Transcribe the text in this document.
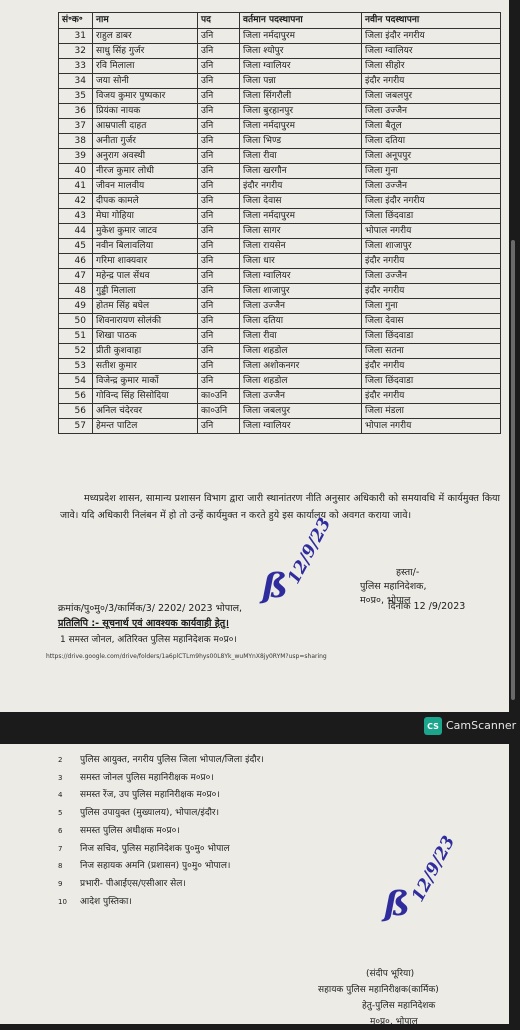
सं॰क॰	नाम	पद	वर्तमान पदस्थापना	नवीन पदस्थापना
31	राहुल डाबर	उनि	जिला नर्मदापुरम	जिला इंदौर नगरीय
32	साधु सिंह गुर्जर	उनि	जिला श्योपुर	जिला ग्वालियर
33	रवि मिलाला	उनि	जिला ग्वालियर	जिला सीहोर
34	जया सोनी	उनि	जिला पन्ना	इंदौर नगरीय
35	विजय कुमार पुष्पकार	उनि	जिला सिंगरौली	जिला जबलपुर
36	प्रियंका नायक	उनि	जिला बुरहानपुर	जिला उज्जैन
37	आम्रपाली दाहत	उनि	जिला नर्मदापुरम	जिला बैतूल
38	अनीता गुर्जर	उनि	जिला भिण्ड	जिला दतिया
39	अनुराग अवस्थी	उनि	जिला रीवा	जिला अनूपपुर
40	नीरज कुमार लोधी	उनि	जिला खरगौन	जिला गुना
41	जीवन मालवीय	उनि	इंदौर नगरीय	जिला उज्जैन
42	दीपक कामले	उनि	जिला देवास	जिला इंदौर नगरीय
43	मेघा गोहिया	उनि	जिला नर्मदापुरम	जिला छिंदवाडा
44	मुकेश कुमार जाटव	उनि	जिला सागर	भोपाल नगरीय
45	नवीन बिलावलिया	उनि	जिला रायसेन	जिला शाजापुर
46	गरिमा शाक्यवार	उनि	जिला धार	इंदौर नगरीय
47	महेन्द्र पाल सेंधव	उनि	जिला ग्वालियर	जिला उज्जैन
48	गुड्डी मिलाला	उनि	जिला शाजापुर	इंदौर नगरीय
49	होतम सिंह बघेल	उनि	जिला उज्जैन	जिला गुना
50	शिवनारायण सोलंकी	उनि	जिला दतिया	जिला देवास
51	शिखा पाठक	उनि	जिला रीवा	जिला छिंदवाडा
52	प्रीती कुशवाहा	उनि	जिला शहडोल	जिला सतना
53	सतीश कुमार	उनि	जिला अशोकनगर	इंदौर नगरीय
54	विजेन्द्र कुमार मार्को	उनि	जिला शहडोल	जिला छिंदवाडा
56	गोविन्द सिंह सिसोदिया	का०उनि	जिला उज्जैन	इंदौर नगरीय
56	अनिल चंदेरवर	का०उनि	जिला जबलपुर	जिला मंडला
57	हेमन्त पाटिल	उनि	जिला ग्वालियर	भोपाल नगरीय
मध्यप्रदेश शासन, सामान्य प्रशासन विभाग द्वारा जारी स्थानांतरण नीति अनुसार अधिकारी को समयावधि में कार्यमुक्त किया जावे। यदि अधिकारी निलंबन में हो तो उन्हें कार्यमुक्त न करते हुये इस कार्यालय को अवगत कराया जावे।
ß
12/9/23	हस्ता/-
पुलिस महानिदेशक,
म०प्र०, भोपाल
क्रमांक/पु०मु०/3/कार्मिक/3/ 2202/ 2023 भोपाल,	दिनांक 12 /9/2023
प्रतिलिपि :- सूचनार्थ एवं आवश्यक कार्यवाही हेतु।
1 समस्त जोनल, अतिरिक्त पुलिस महानिदेशक म०प्र०।
https://drive.google.com/drive/folders/1a6plCTLm9hys00L8Yk_wuMYnX8jy0RYM?usp=sharing
CS CamScanner
2 पुलिस आयुक्त, नगरीय पुलिस जिला भोपाल/जिला इंदौर।
3 समस्त जोनल पुलिस महानिरीक्षक म०प्र०।
4 समस्त रेंज, उप पुलिस महानिरीक्षक म०प्र०।
5 पुलिस उपायुक्त (मुख्यालय), भोपाल/इंदौर।
6 समस्त पुलिस अधीक्षक म०प्र०।
7 निज सचिव, पुलिस महानिदेशक पु०मु० भोपाल
8 निज सहायक अमनि (प्रशासन) पु०मु० भोपाल।
9 प्रभारी- पीआईएस/एसीआर सेल।
10 आदेश पुस्तिका।	ß
12/9/23
(संदीप भूरिया)
सहायक पुलिस महानिरीक्षक(कार्मिक)
हेतु-पुलिस महानिदेशक
म०प्र०, भोपाल
